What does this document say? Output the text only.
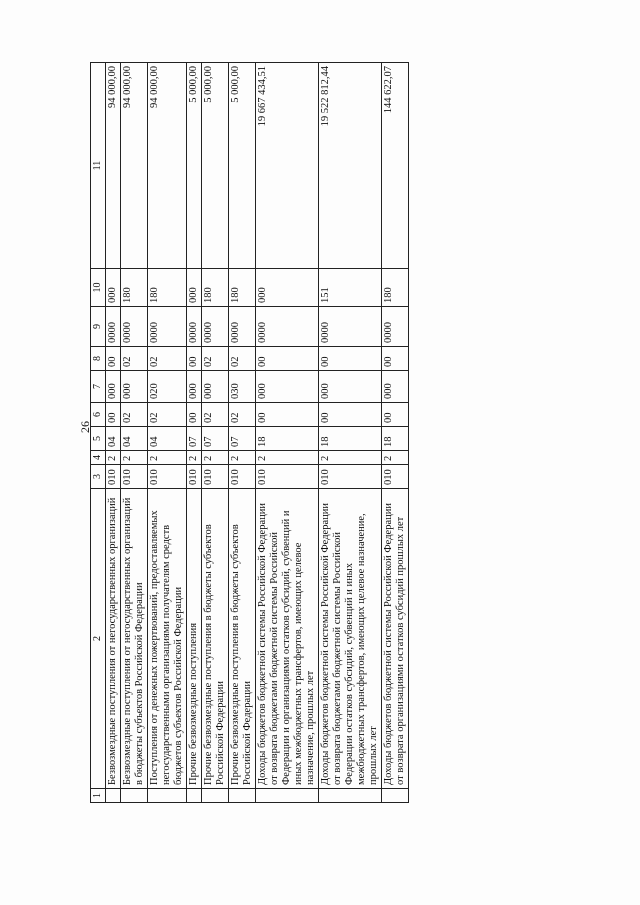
26
1	2	3	4	5	6	7	8	9	10	11
	Безвозмездные поступления от негосударственных организаций	010	2	04	00	000	00	0000	000	94 000,00
	Безвозмездные поступления от негосударственных организаций в бюджеты субъектов Российской Федерации	010	2	04	02	000	02	0000	180	94 000,00
	Поступления от денежных пожертвований, предоставляемых негосударственными организациями получателям средств бюджетов субъектов Российской Федерации	010	2	04	02	020	02	0000	180	94 000,00
	Прочие безвозмездные поступления	010	2	07	00	000	00	0000	000	5 000,00
	Прочие безвозмездные поступления в бюджеты субъектов Российской Федерации	010	2	07	02	000	02	0000	180	5 000,00
	Прочие безвозмездные поступления в бюджеты субъектов Российской Федерации	010	2	07	02	030	02	0000	180	5 000,00
	Доходы бюджетов бюджетной системы Российской Федерации от возврата бюджетами бюджетной системы Российской Федерации и организациями остатков субсидий, субвенций и иных межбюджетных трансфертов, имеющих целевое назначение, прошлых лет	010	2	18	00	000	00	0000	000	19 667 434,51
	Доходы бюджетов бюджетной системы Российской Федерации от возврата бюджетами бюджетной системы Российской Федерации остатков субсидий, субвенций и иных межбюджетных трансфертов, имеющих целевое назначение, прошлых лет	010	2	18	00	000	00	0000	151	19 522 812,44
	Доходы бюджетов бюджетной системы Российской Федерации от возврата организациями остатков субсидий прошлых лет	010	2	18	00	000	00	0000	180	144 622,07
